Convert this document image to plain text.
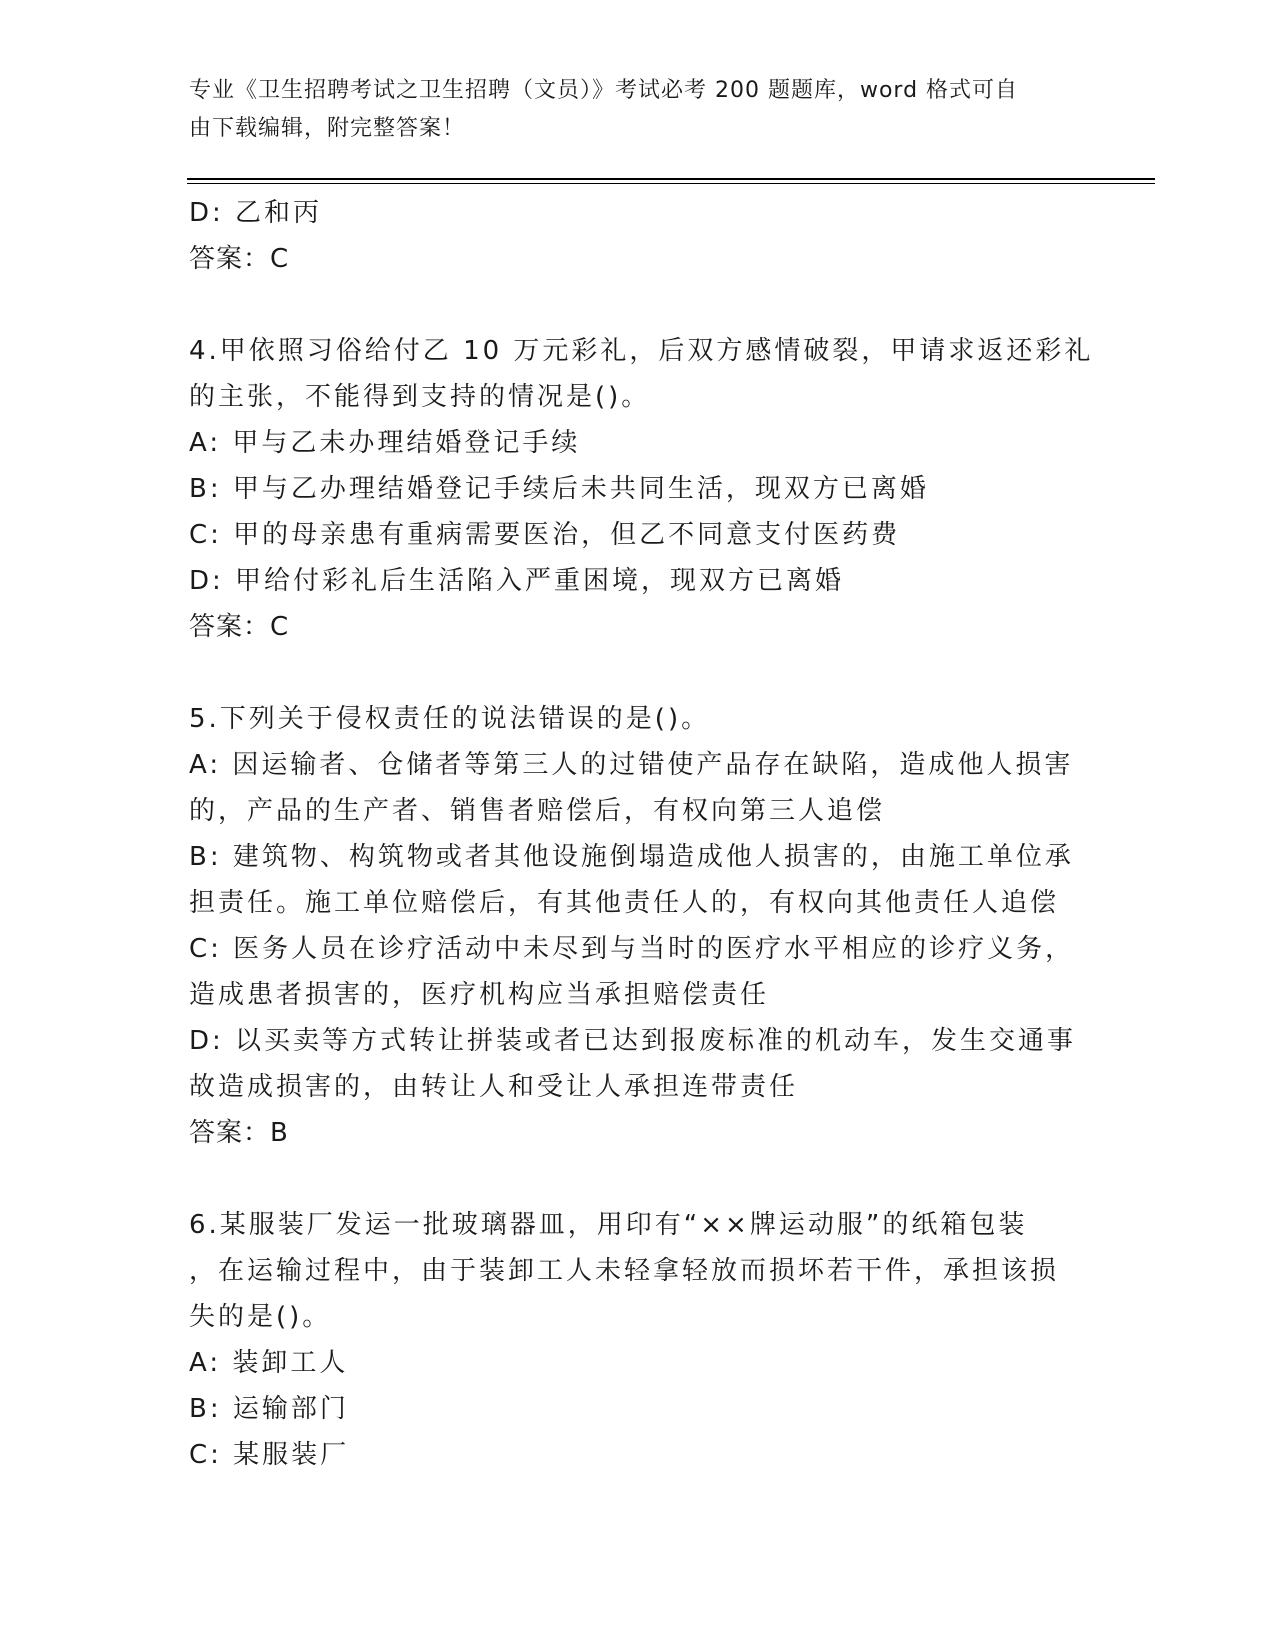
专业《卫生招聘考试之卫生招聘（文员）》考试必考 200 题题库，word 格式可自
由下载编辑，附完整答案！
D: 乙和丙
答案：C
4.甲依照习俗给付乙 10 万元彩礼，后双方感情破裂，甲请求返还彩礼
的主张，不能得到支持的情况是()。
A: 甲与乙未办理结婚登记手续
B: 甲与乙办理结婚登记手续后未共同生活，现双方已离婚
C: 甲的母亲患有重病需要医治，但乙不同意支付医药费
D: 甲给付彩礼后生活陷入严重困境，现双方已离婚
答案：C
5.下列关于侵权责任的说法错误的是()。
A: 因运输者、仓储者等第三人的过错使产品存在缺陷，造成他人损害
的，产品的生产者、销售者赔偿后，有权向第三人追偿
B: 建筑物、构筑物或者其他设施倒塌造成他人损害的，由施工单位承
担责任。施工单位赔偿后，有其他责任人的，有权向其他责任人追偿
C: 医务人员在诊疗活动中未尽到与当时的医疗水平相应的诊疗义务，
造成患者损害的，医疗机构应当承担赔偿责任
D: 以买卖等方式转让拼装或者已达到报废标准的机动车，发生交通事
故造成损害的，由转让人和受让人承担连带责任
答案：B
6.某服装厂发运一批玻璃器皿，用印有“××牌运动服”的纸箱包装
，在运输过程中，由于装卸工人未轻拿轻放而损坏若干件，承担该损
失的是()。
A: 装卸工人
B: 运输部门
C: 某服装厂
